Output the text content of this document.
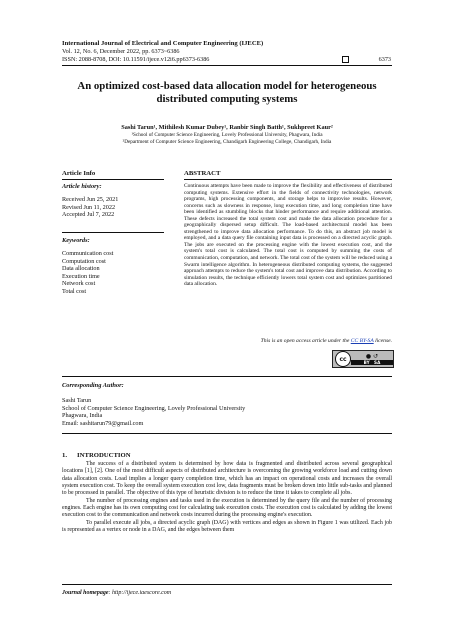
International Journal of Electrical and Computer Engineering (IJECE)
Vol. 12, No. 6, December 2022, pp. 6373~6386
ISSN: 2088-8708, DOI: 10.11591/ijece.v12i6.pp6373-6386	6373
An optimized cost-based data allocation model for heterogeneous distributed computing systems
Sashi Tarun¹, Mithilesh Kumar Dubey¹, Ranbir Singh Batth¹, Sukhpreet Kaur²
¹School of Computer Science Engineering, Lovely Professional University, Phagwara, India
²Department of Computer Science Engineering, Chandigarh Engineering College, Chandigarh, India
Article Info
Article history:
Received Jun 25, 2021
Revised Jun 11, 2022
Accepted Jul 7, 2022
Keywords:
Communication cost
Computation cost
Data allocation
Execution time
Network cost
Total cost
ABSTRACT
Continuous attempts have been made to improve the flexibility and effectiveness of distributed computing systems. Extensive effort in the fields of connectivity technologies, network programs, high processing components, and storage helps to improvise results. However, concerns such as slowness in response, long execution time, and long completion time have been identified as stumbling blocks that hinder performance and require additional attention. These defects increased the total system cost and made the data allocation procedure for a geographically dispersed setup difficult. The load-based architectural model has been strengthened to improve data allocation performance. To do this, an abstract job model is employed, and a data query file containing input data is processed on a directed acyclic graph. The jobs are executed on the processing engine with the lowest execution cost, and the system's total cost is calculated. The total cost is computed by summing the costs of communication, computation, and network. The total cost of the system will be reduced using a Swarm intelligence algorithm. In heterogeneous distributed computing systems, the suggested approach attempts to reduce the system's total cost and improve data distribution. According to simulation results, the technique efficiently lowers total system cost and optimizes partitioned data allocation.
This is an open access article under the CC BY-SA license.
cc	● ↺
BY SA
Corresponding Author:
Sashi Tarun
School of Computer Science Engineering, Lovely Professional University
Phagwara, India
Email: sashitarun79@gmail.com
1.      INTRODUCTION

The success of a distributed system is determined by how data is fragmented and distributed across several geographical locations [1], [2]. One of the most difficult aspects of distributed architecture is overcoming the growing workforce load and cutting down data allocation costs. Load implies a longer query completion time, which has an impact on operational costs and increases the overall system execution cost. To keep the overall system execution cost low, data fragments must be broken down into little sub-tasks and planned to be processed in parallel. The objective of this type of heuristic division is to reduce the time it takes to complete all jobs.

The number of processing engines and tasks used in the execution is determined by the query file and the number of processing engines. Each engine has its own computing cost for calculating task execution costs. The execution cost is calculated by adding the lowest execution cost to the communication and network costs incurred during the processing engine's execution.

To parallel execute all jobs, a directed acyclic graph (DAG) with vertices and edges as shown in Figure 1 was utilized. Each job is represented as a vertex or node in a DAG, and the edges between them

Journal homepage: http://ijece.iaescore.com
